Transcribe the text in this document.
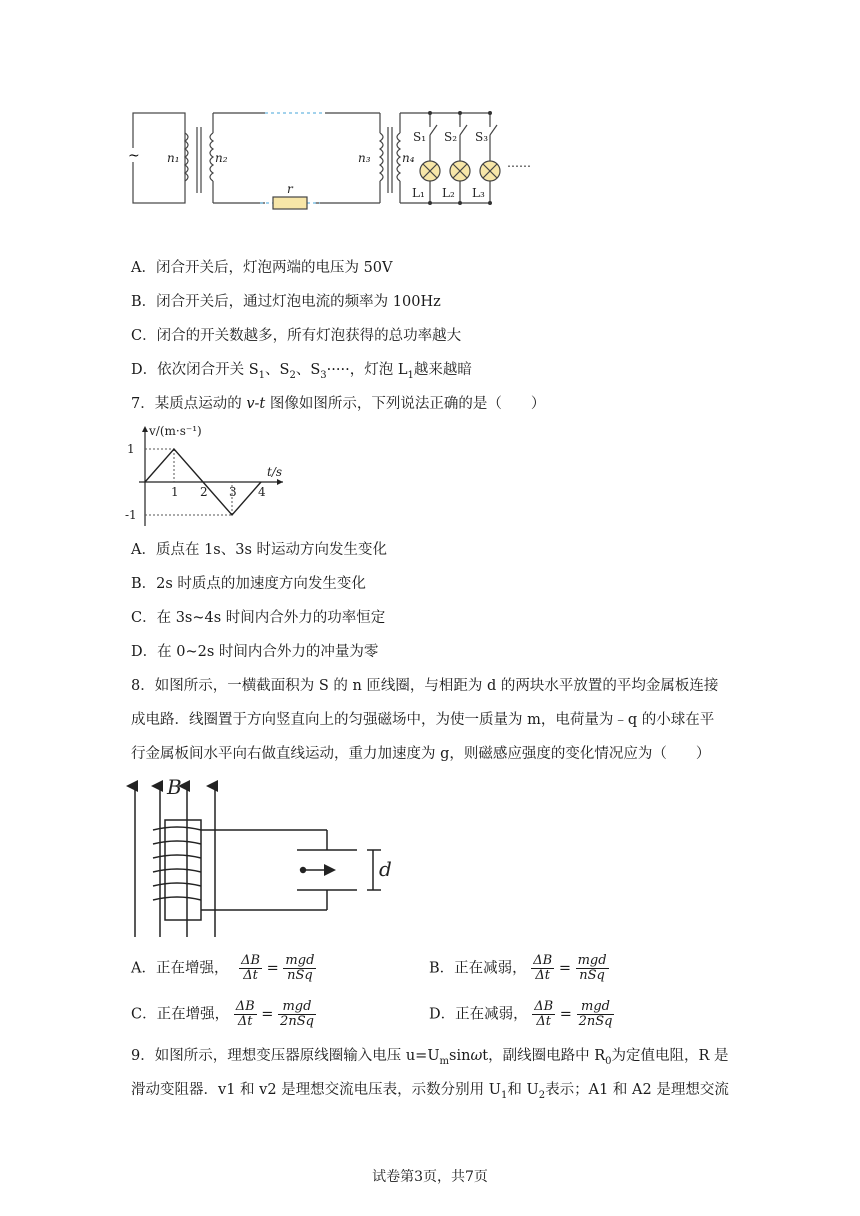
~ n₁	n₂	n₃	n₄
r
S₁ S₂ S₃
L₁ L₂ L₃
……
A．闭合开关后，灯泡两端的电压为 50V
B．闭合开关后，通过灯泡电流的频率为 100Hz
C．闭合的开关数越多，所有灯泡获得的总功率越大
D．依次闭合开关 $S_1$、$S_2$、$S_3\cdot\cdot\cdot\cdot\cdot$，灯泡 $L_1$越来越暗
7．某质点运动的 v-t 图像如图所示，下列说法正确的是（　　）
1 2 3 4
1
-1
v/(m·s⁻¹)
t/s
A．质点在 1s、3s 时运动方向发生变化
B．2s 时质点的加速度方向发生变化
C．在 3s~4s 时间内合外力的功率恒定
D．在 0~2s 时间内合外力的冲量为零
8．如图所示，一横截面积为 S 的 n 匝线圈，与相距为 d 的两块水平放置的平均金属板连接
成电路．线圈置于方向竖直向上的匀强磁场中，为使一质量为 m，电荷量为﹣q 的小球在平
行金属板间水平向右做直线运动，重力加速度为 g，则磁感应强度的变化情况应为（　　）
B
d
A．正在增强， $\frac{\Delta B}{\Delta t} = \frac{\text{mgd}}{\text{nSq}}$	B．正在减弱， $\frac{\Delta B}{\Delta t} = \frac{\text{mgd}}{\text{nSq}}$
C．正在增强， $\frac{\Delta B}{\Delta t} = \frac{\text{mgd}}{\text{2nSq}}$	D．正在减弱， $\frac{\Delta B}{\Delta t} = \frac{\text{mgd}}{\text{2nSq}}$
9．如图所示，理想变压器原线圈输入电压 $u=U_m\sin\omega t$，副线圈电路中 $R_0$为定值电阻，R 是
滑动变阻器．v1 和 v2 是理想交流电压表，示数分别用 $U_1$和 $U_2$表示；A1 和 A2 是理想交流
试卷第3页，共7页
